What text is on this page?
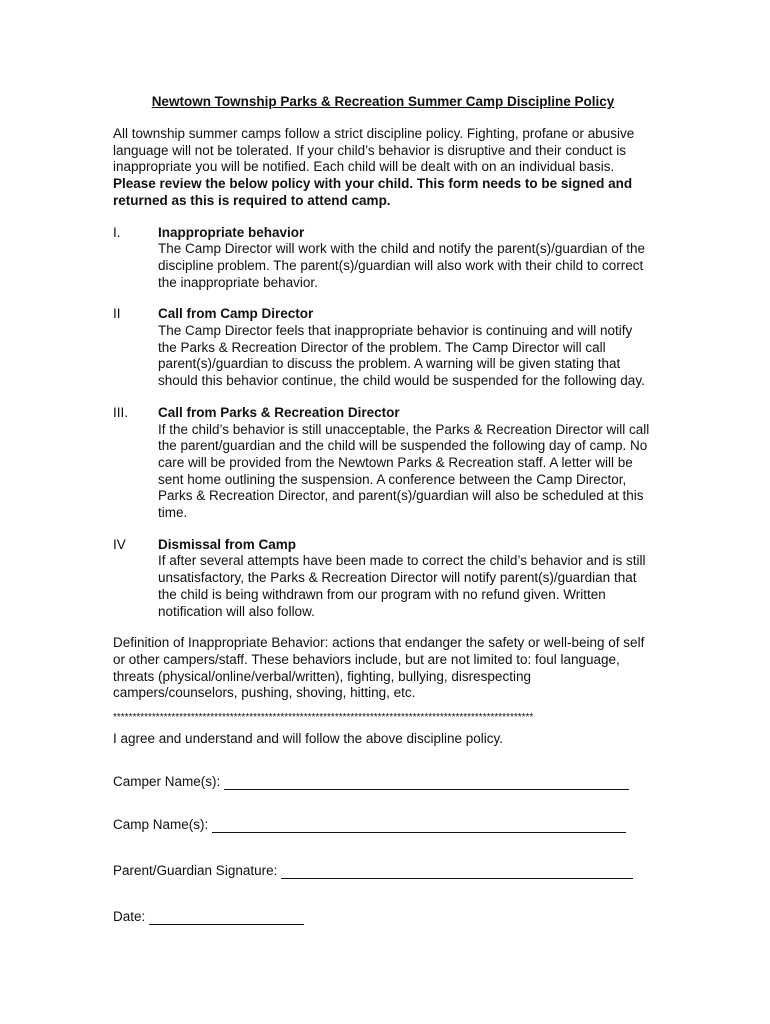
Newtown Township Parks & Recreation Summer Camp Discipline Policy
All township summer camps follow a strict discipline policy. Fighting, profane or abusive language will not be tolerated. If your child’s behavior is disruptive and their conduct is inappropriate you will be notified. Each child will be dealt with on an individual basis. Please review the below policy with your child. This form needs to be signed and returned as this is required to attend camp.
I.	Inappropriate behavior
The Camp Director will work with the child and notify the parent(s)/guardian of the discipline problem. The parent(s)/guardian will also work with their child to correct the inappropriate behavior.
II	Call from Camp Director
The Camp Director feels that inappropriate behavior is continuing and will notify the Parks & Recreation Director of the problem. The Camp Director will call parent(s)/guardian to discuss the problem. A warning will be given stating that should this behavior continue, the child would be suspended for the following day.
III.	Call from Parks & Recreation Director
If the child’s behavior is still unacceptable, the Parks & Recreation Director will call the parent/guardian and the child will be suspended the following day of camp. No care will be provided from the Newtown Parks & Recreation staff. A letter will be sent home outlining the suspension. A conference between the Camp Director, Parks & Recreation Director, and parent(s)/guardian will also be scheduled at this time.
IV	Dismissal from Camp
If after several attempts have been made to correct the child’s behavior and is still unsatisfactory, the Parks & Recreation Director will notify parent(s)/guardian that the child is being withdrawn from our program with no refund given. Written notification will also follow.
Definition of Inappropriate Behavior: actions that endanger the safety or well-being of self or other campers/staff. These behaviors include, but are not limited to: foul language, threats (physical/online/verbal/written), fighting, bullying, disrespecting campers/counselors, pushing, shoving, hitting, etc.
************************************************************************************************************
I agree and understand and will follow the above discipline policy.
Camper Name(s):
Camp Name(s):
Parent/Guardian Signature:
Date:
